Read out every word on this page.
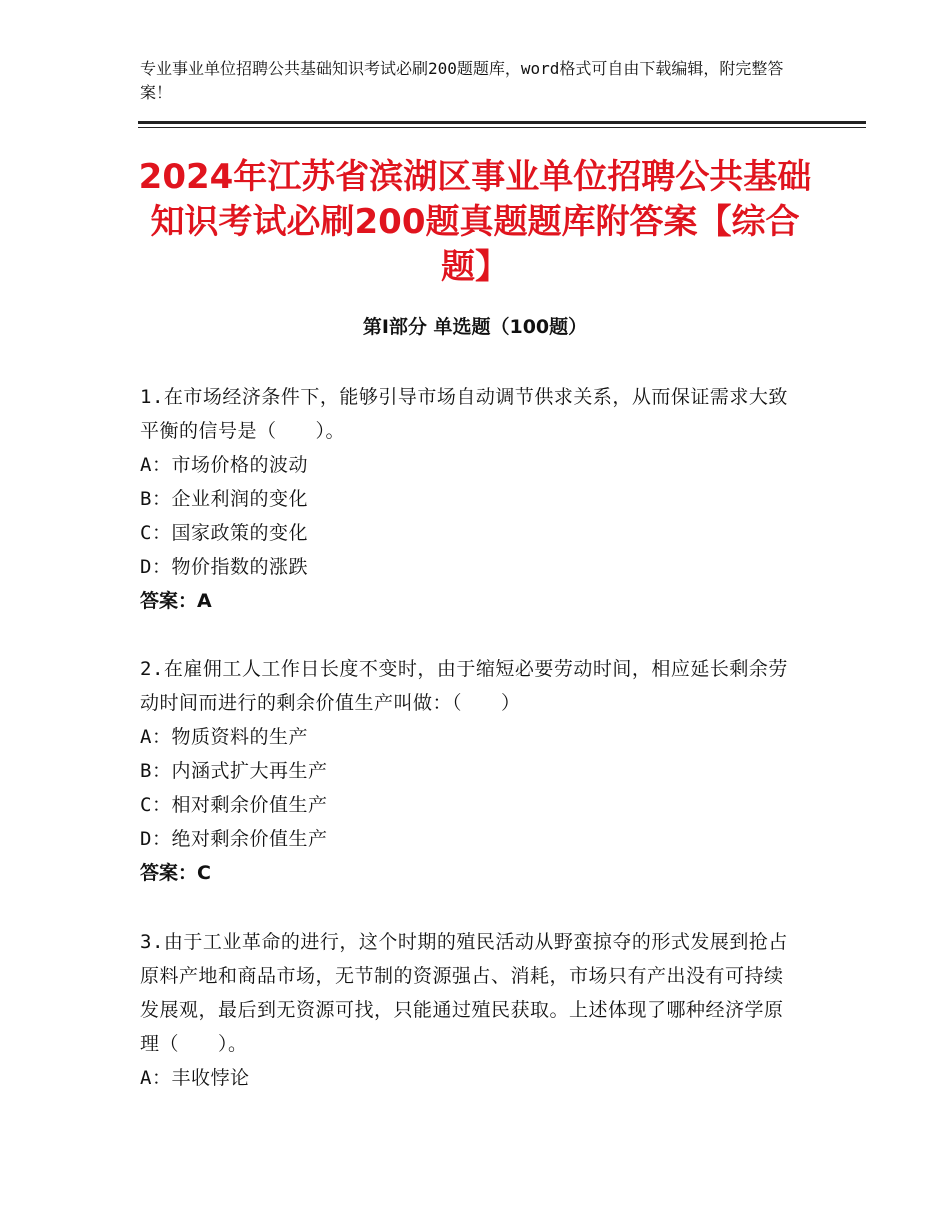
专业事业单位招聘公共基础知识考试必刷200题题库，word格式可自由下载编辑，附完整答案！
2024年江苏省滨湖区事业单位招聘公共基础知识考试必刷200题真题题库附答案【综合题】
第Ⅰ部分 单选题（100题）
1.在市场经济条件下，能够引导市场自动调节供求关系，从而保证需求大致平衡的信号是（　　）。
A：市场价格的波动
B：企业利润的变化
C：国家政策的变化
D：物价指数的涨跌
答案：A
2.在雇佣工人工作日长度不变时，由于缩短必要劳动时间，相应延长剩余劳动时间而进行的剩余价值生产叫做：（　　）
A：物质资料的生产
B：内涵式扩大再生产
C：相对剩余价值生产
D：绝对剩余价值生产
答案：C
3.由于工业革命的进行，这个时期的殖民活动从野蛮掠夺的形式发展到抢占原料产地和商品市场，无节制的资源强占、消耗，市场只有产出没有可持续发展观，最后到无资源可找，只能通过殖民获取。上述体现了哪种经济学原理（　　）。
A：丰收悖论
